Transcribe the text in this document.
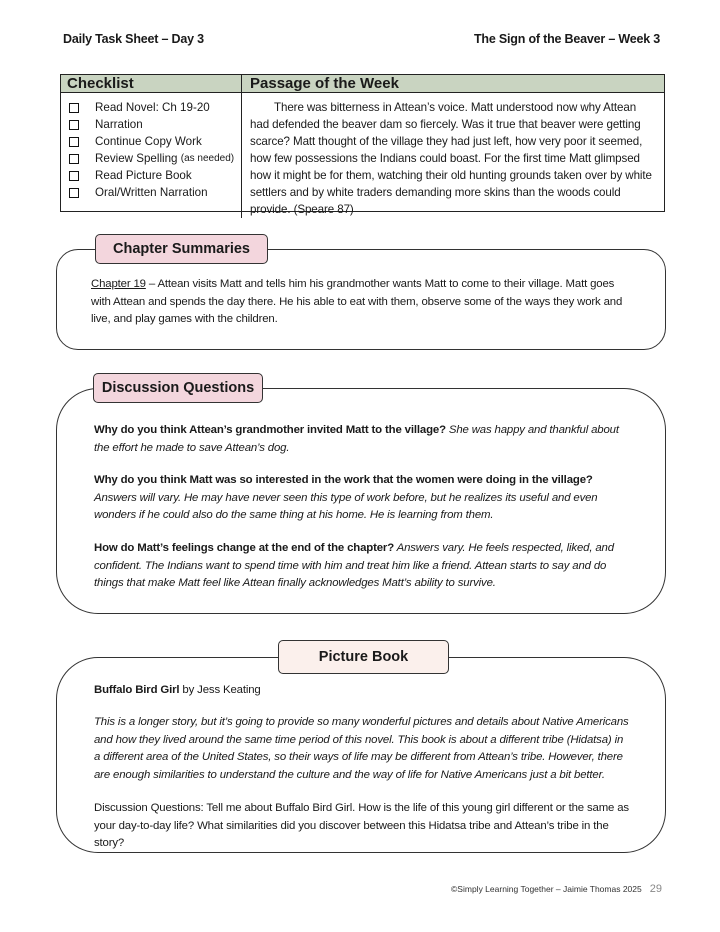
Daily Task Sheet – Day 3	The Sign of the Beaver – Week 3
Checklist	Passage of the Week
Read Novel: Ch 19-20
Narration
Continue Copy Work
Review Spelling
(as needed)
Read Picture Book
Oral/Written Narration
There was bitterness in Attean’s voice. Matt understood now why Attean had defended the beaver dam so fiercely. Was it true that beaver were getting scarce? Matt thought of the village they had just left, how very poor it seemed, how few possessions the Indians could boast. For the first time Matt glimpsed how it might be for them, watching their old hunting grounds taken over by white settlers and by white traders demanding more skins than the woods could provide. (Speare 87)
Chapter Summaries
Chapter 19 – Attean visits Matt and tells him his grandmother wants Matt to come to their village. Matt goes with Attean and spends the day there. He his able to eat with them, observe some of the ways they work and live, and play games with the children.
Discussion Questions
Why do you think Attean’s grandmother invited Matt to the village? She was happy and thankful about the effort he made to save Attean’s dog.
Why do you think Matt was so interested in the work that the women were doing in the village? Answers will vary. He may have never seen this type of work before, but he realizes its useful and even wonders if he could also do the same thing at his home. He is learning from them.
How do Matt’s feelings change at the end of the chapter? Answers vary. He feels respected, liked, and confident. The Indians want to spend time with him and treat him like a friend. Attean starts to say and do things that make Matt feel like Attean finally acknowledges Matt’s ability to survive.
Picture Book
Buffalo Bird Girl by Jess Keating
This is a longer story, but it’s going to provide so many wonderful pictures and details about Native Americans and how they lived around the same time period of this novel. This book is about a different tribe (Hidatsa) in a different area of the United States, so their ways of life may be different from Attean’s tribe. However, there are enough similarities to understand the culture and the way of life for Native Americans just a bit better.
Discussion Questions: Tell me about Buffalo Bird Girl. How is the life of this young girl different or the same as your day-to-day life? What similarities did you discover between this Hidatsa tribe and Attean’s tribe in the story?
©Simply Learning Together – Jaimie Thomas 2025 29
